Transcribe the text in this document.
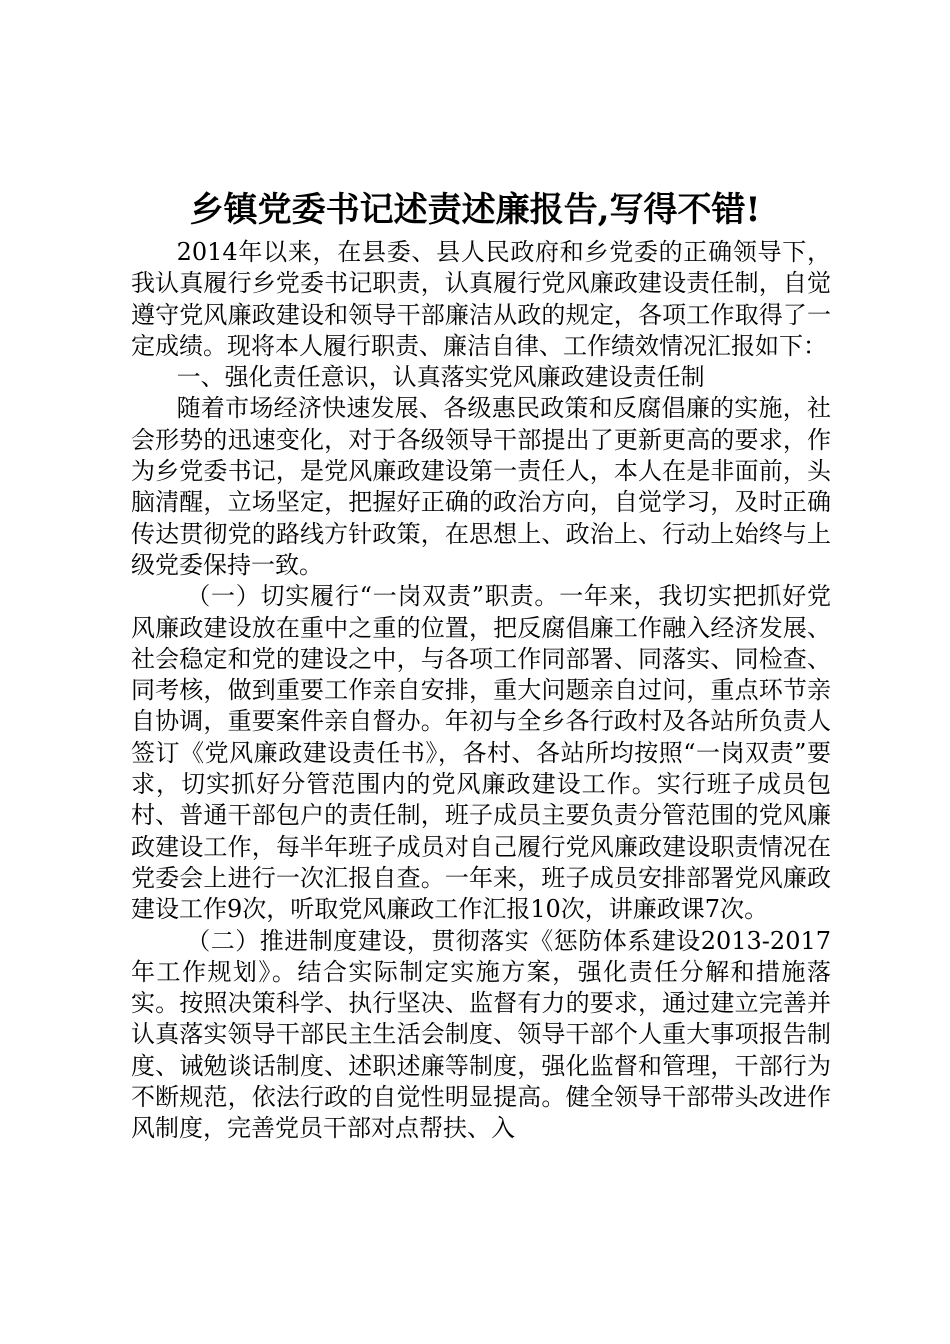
乡镇党委书记述责述廉报告,写得不错!

2014年以来，在县委、县人民政府和乡党委的正确领导下，我认真履行乡党委书记职责，认真履行党风廉政建设责任制，自觉遵守党风廉政建设和领导干部廉洁从政的规定，各项工作取得了一定成绩。现将本人履行职责、廉洁自律、工作绩效情况汇报如下：

一、强化责任意识，认真落实党风廉政建设责任制

随着市场经济快速发展、各级惠民政策和反腐倡廉的实施，社会形势的迅速变化，对于各级领导干部提出了更新更高的要求，作为乡党委书记，是党风廉政建设第一责任人，本人在是非面前，头脑清醒，立场坚定，把握好正确的政治方向，自觉学习，及时正确传达贯彻党的路线方针政策，在思想上、政治上、行动上始终与上级党委保持一致。

（一）切实履行“一岗双责”职责。一年来，我切实把抓好党风廉政建设放在重中之重的位置，把反腐倡廉工作融入经济发展、社会稳定和党的建设之中，与各项工作同部署、同落实、同检查、同考核，做到重要工作亲自安排，重大问题亲自过问，重点环节亲自协调，重要案件亲自督办。年初与全乡各行政村及各站所负责人签订《党风廉政建设责任书》，各村、各站所均按照“一岗双责”要求，切实抓好分管范围内的党风廉政建设工作。实行班子成员包村、普通干部包户的责任制，班子成员主要负责分管范围的党风廉政建设工作，每半年班子成员对自己履行党风廉政建设职责情况在党委会上进行一次汇报自查。一年来，班子成员安排部署党风廉政建设工作9次，听取党风廉政工作汇报10次，讲廉政课7次。

（二）推进制度建设，贯彻落实《惩防体系建设2013-2017年工作规划》。结合实际制定实施方案，强化责任分解和措施落实。按照决策科学、执行坚决、监督有力的要求，通过建立完善并认真落实领导干部民主生活会制度、领导干部个人重大事项报告制度、诫勉谈话制度、述职述廉等制度，强化监督和管理，干部行为不断规范，依法行政的自觉性明显提高。健全领导干部带头改进作风制度，完善党员干部对点帮扶、入
